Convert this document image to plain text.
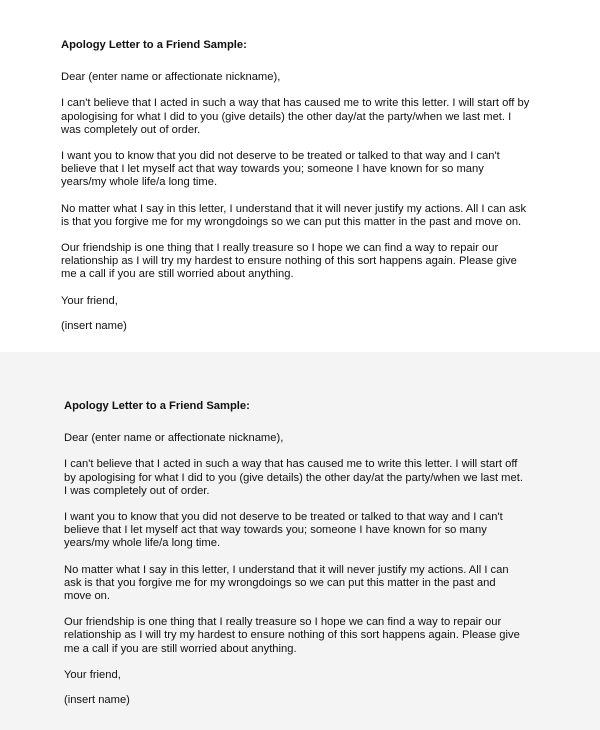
Apology Letter to a Friend Sample:
Dear (enter name or affectionate nickname),
I can't believe that I acted in such a way that has caused me to write this letter. I will start off by apologising for what I did to you (give details) the other day/at the party/when we last met. I was completely out of order.
I want you to know that you did not deserve to be treated or talked to that way and I can't believe that I let myself act that way towards you; someone I have known for so many years/my whole life/a long time.
No matter what I say in this letter, I understand that it will never justify my actions. All I can ask is that you forgive me for my wrongdoings so we can put this matter in the past and move on.
Our friendship is one thing that I really treasure so I hope we can find a way to repair our relationship as I will try my hardest to ensure nothing of this sort happens again. Please give me a call if you are still worried about anything.
Your friend,
(insert name)
Apology Letter to a Friend Sample:
Dear (enter name or affectionate nickname),
I can't believe that I acted in such a way that has caused me to write this letter. I will start off by apologising for what I did to you (give details) the other day/at the party/when we last met. I was completely out of order.
I want you to know that you did not deserve to be treated or talked to that way and I can't believe that I let myself act that way towards you; someone I have known for so many years/my whole life/a long time.
No matter what I say in this letter, I understand that it will never justify my actions. All I can ask is that you forgive me for my wrongdoings so we can put this matter in the past and move on.
Our friendship is one thing that I really treasure so I hope we can find a way to repair our relationship as I will try my hardest to ensure nothing of this sort happens again. Please give me a call if you are still worried about anything.
Your friend,
(insert name)
